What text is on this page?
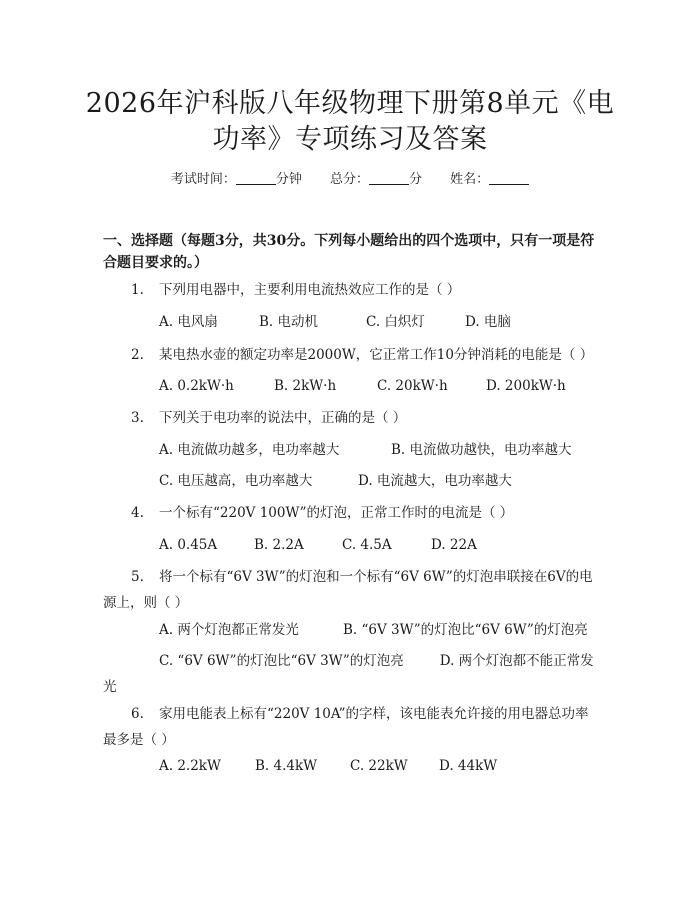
2026年沪科版八年级物理下册第8单元《电
功率》专项练习及答案
考试时间：	分钟 总分：	分 姓名：
一、选择题（每题3分，共30分。下列每小题给出的四个选项中，只有一项是符合题目要求的。）
1. 下列用电器中，主要利用电流热效应工作的是（ ）
A. 电风扇	B. 电动机	C. 白炽灯	D. 电脑
2. 某电热水壶的额定功率是2000W，它正常工作10分钟消耗的电能是（ ）
A. 0.2kW·h	B. 2kW·h	C. 20kW·h	D. 200kW·h
3. 下列关于电功率的说法中，正确的是（ ）
A. 电流做功越多，电功率越大	B. 电流做功越快，电功率越大
C. 电压越高，电功率越大	D. 电流越大，电功率越大
4. 一个标有“220V 100W”的灯泡，正常工作时的电流是（ ）
A. 0.45A	B. 2.2A	C. 4.5A	D. 22A
5. 将一个标有“6V 3W”的灯泡和一个标有“6V 6W”的灯泡串联接在6V的电源上，则（ ）
A. 两个灯泡都正常发光	B. “6V 3W”的灯泡比“6V 6W”的灯泡亮
C. “6V 6W”的灯泡比“6V 3W”的灯泡亮	D. 两个灯泡都不能正常发光
6. 家用电能表上标有“220V 10A”的字样，该电能表允许接的用电器总功率最多是（ ）
A. 2.2kW	B. 4.4kW C. 22kW D. 44kW
